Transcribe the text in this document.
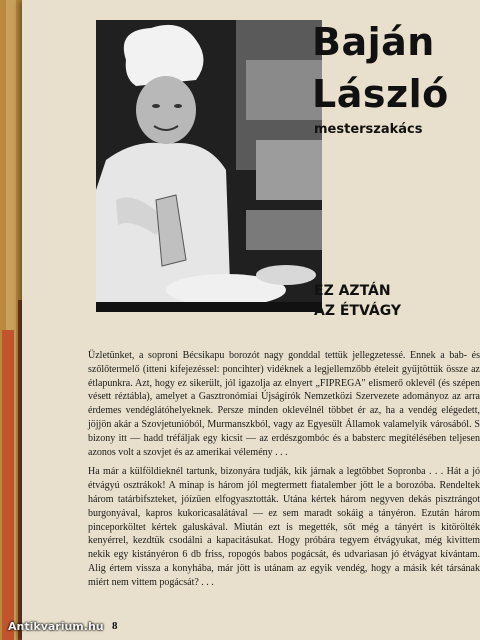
Baján
László
mesterszakács
EZ AZTÁN
AZ ÉTVÁGY

Üzletünket, a soproni Bécsikapu borozót nagy gonddal tettük jellegzetessé. Ennek a bab- és szőlőtermelő (itteni kifejezéssel: poncihter) vidéknek a legjellemzőbb ételeit gyűjtöttük össze az étlapunkra. Azt, hogy ez sikerült, jól igazolja az elnyert „FIPREGA" elismerő oklevél (és szépen vésett réztábla), amelyet a Gasztronómiai Újságírók Nemzetközi Szervezete adományoz az arra érdemes vendéglátóhelyeknek. Persze minden oklevélnél többet ér az, ha a vendég elégedett, jöjjön akár a Szovjetunióból, Murmanszkból, vagy az Egyesült Államok valamelyik városából. S bizony itt — hadd tréfáljak egy kicsit — az erdészgombóc és a babsterc megítélésében teljesen azonos volt a szovjet és az amerikai vélemény . . .

Ha már a külföldieknél tartunk, bizonyára tudják, kik járnak a legtöbbet Sopronba . . . Hát a jó étvágyú osztrákok! A minap is három jól megtermett fiatalember jött le a borozóba. Rendeltek három tatárbifszteket, jóízűen elfogyasztották. Utána kértek három negyven dekás pisztrángot burgonyával, kapros kukoricasalátával — ez sem maradt sokáig a tányéron. Ezután három pinceporköltet kértek galuskával. Miután ezt is megették, sőt még a tányért is kitörölték kenyérrel, kezdtük csodálni a kapacitásukat. Hogy próbára tegyem étvágyukat, még kivittem nekik egy kistányéron 6 db friss, ropogós babos pogácsát, és udvariasan jó étvágyat kívántam. Alig értem vissza a konyhába, már jött is utánam az egyik vendég, hogy a másik két társának miért nem vittem pogácsát? . . .

8
Antikvarium.hu
